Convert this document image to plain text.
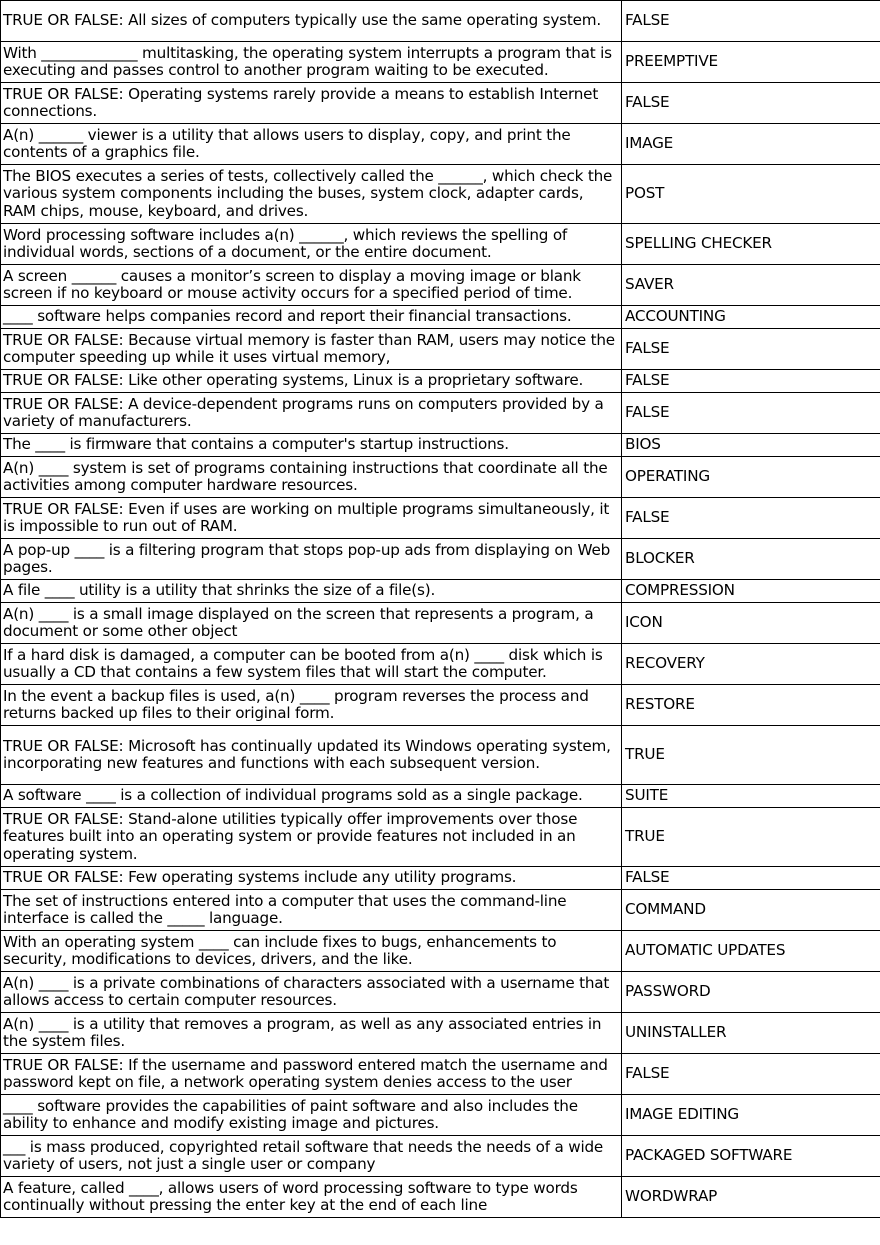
TRUE OR FALSE: All sizes of computers typically use the same operating system.	FALSE
With _____________ multitasking, the operating system interrupts a program that is executing and passes control to another program waiting to be executed.	PREEMPTIVE
TRUE OR FALSE: Operating systems rarely provide a means to establish Internet connections.	FALSE
A(n) ______ viewer is a utility that allows users to display, copy, and print the contents of a graphics file.	IMAGE
The BIOS executes a series of tests, collectively called the ______, which check the various system components including the buses, system clock, adapter cards, RAM chips, mouse, keyboard, and drives.	POST
Word processing software includes a(n) ______, which reviews the spelling of individual words, sections of a document, or the entire document.	SPELLING CHECKER
A screen ______ causes a monitor’s screen to display a moving image or blank screen if no keyboard or mouse activity occurs for a specified period of time.	SAVER
____ software helps companies record and report their financial transactions.	ACCOUNTING
TRUE OR FALSE: Because virtual memory is faster than RAM, users may notice the computer speeding up while it uses virtual memory,	FALSE
TRUE OR FALSE: Like other operating systems, Linux is a proprietary software.	FALSE
TRUE OR FALSE: A device-dependent programs runs on computers provided by a variety of manufacturers.	FALSE
The ____ is firmware that contains a computer's startup instructions.	BIOS
A(n) ____ system is set of programs containing instructions that coordinate all the activities among computer hardware resources.	OPERATING
TRUE OR FALSE: Even if uses are working on multiple programs simultaneously, it is impossible to run out of RAM.	FALSE
A pop-up ____ is a filtering program that stops pop-up ads from displaying on Web pages.	BLOCKER
A file ____ utility is a utility that shrinks the size of a file(s).	COMPRESSION
A(n) ____ is a small image displayed on the screen that represents a program, a document or some other object	ICON
If a hard disk is damaged, a computer can be booted from a(n) ____ disk which is usually a CD that contains a few system files that will start the computer.	RECOVERY
In the event a backup files is used, a(n) ____ program reverses the process and returns backed up files to their original form.	RESTORE
TRUE OR FALSE: Microsoft has continually updated its Windows operating system, incorporating new features and functions with each subsequent version.	TRUE
A software ____ is a collection of individual programs sold as a single package.	SUITE
TRUE OR FALSE: Stand-alone utilities typically offer improvements over those features built into an operating system or provide features not included in an operating system.	TRUE
TRUE OR FALSE: Few operating systems include any utility programs.	FALSE
The set of instructions entered into a computer that uses the command-line interface is called the _____ language.	COMMAND
With an operating system ____ can include fixes to bugs, enhancements to security, modifications to devices, drivers, and the like.	AUTOMATIC UPDATES
A(n) ____ is a private combinations of characters associated with a username that allows access to certain computer resources.	PASSWORD
A(n) ____ is a utility that removes a program, as well as any associated entries in the system files.	UNINSTALLER
TRUE OR FALSE: If the username and password entered match the username and password kept on file, a network operating system denies access to the user	FALSE
____ software provides the capabilities of paint software and also includes the ability to enhance and modify existing image and pictures.	IMAGE EDITING
___ is mass produced, copyrighted retail software that needs the needs of a wide variety of users, not just a single user or company	PACKAGED SOFTWARE
A feature, called ____, allows users of word processing software to type words continually without pressing the enter key at the end of each line	WORDWRAP
